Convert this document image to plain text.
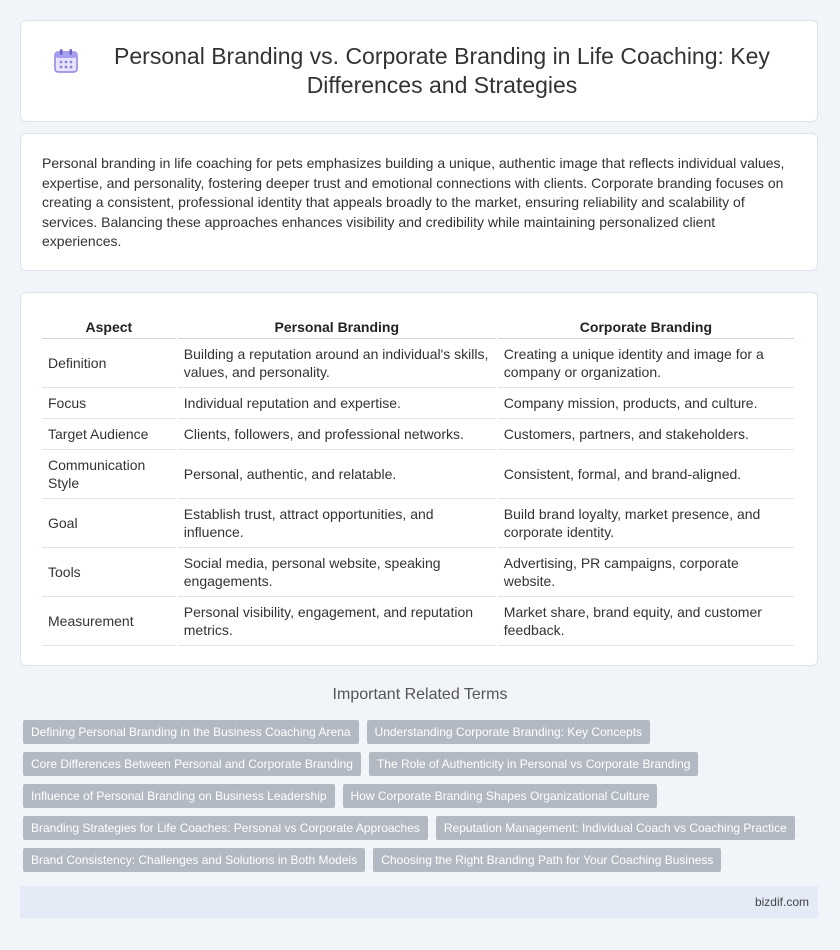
Personal Branding vs. Corporate Branding in Life Coaching: Key Differences and Strategies

Personal branding in life coaching for pets emphasizes building a unique, authentic image that reflects individual values, expertise, and personality, fostering deeper trust and emotional connections with clients. Corporate branding focuses on creating a consistent, professional identity that appeals broadly to the market, ensuring reliability and scalability of services. Balancing these approaches enhances visibility and credibility while maintaining personalized client experiences.

Aspect	Personal Branding	Corporate Branding
Definition	Building a reputation around an individual's skills, values, and personality.	Creating a unique identity and image for a company or organization.
Focus	Individual reputation and expertise.	Company mission, products, and culture.
Target Audience	Clients, followers, and professional networks.	Customers, partners, and stakeholders.
Communication Style	Personal, authentic, and relatable.	Consistent, formal, and brand-aligned.
Goal	Establish trust, attract opportunities, and influence.	Build brand loyalty, market presence, and corporate identity.
Tools	Social media, personal website, speaking engagements.	Advertising, PR campaigns, corporate website.
Measurement	Personal visibility, engagement, and reputation metrics.	Market share, brand equity, and customer feedback.
Important Related Terms
Defining Personal Branding in the Business Coaching Arena	Understanding Corporate Branding: Key Concepts
Core Differences Between Personal and Corporate Branding	The Role of Authenticity in Personal vs Corporate Branding
Influence of Personal Branding on Business Leadership	How Corporate Branding Shapes Organizational Culture
Branding Strategies for Life Coaches: Personal vs Corporate Approaches	Reputation Management: Individual Coach vs Coaching Practice
Brand Consistency: Challenges and Solutions in Both Models	Choosing the Right Branding Path for Your Coaching Business
bizdif.com
